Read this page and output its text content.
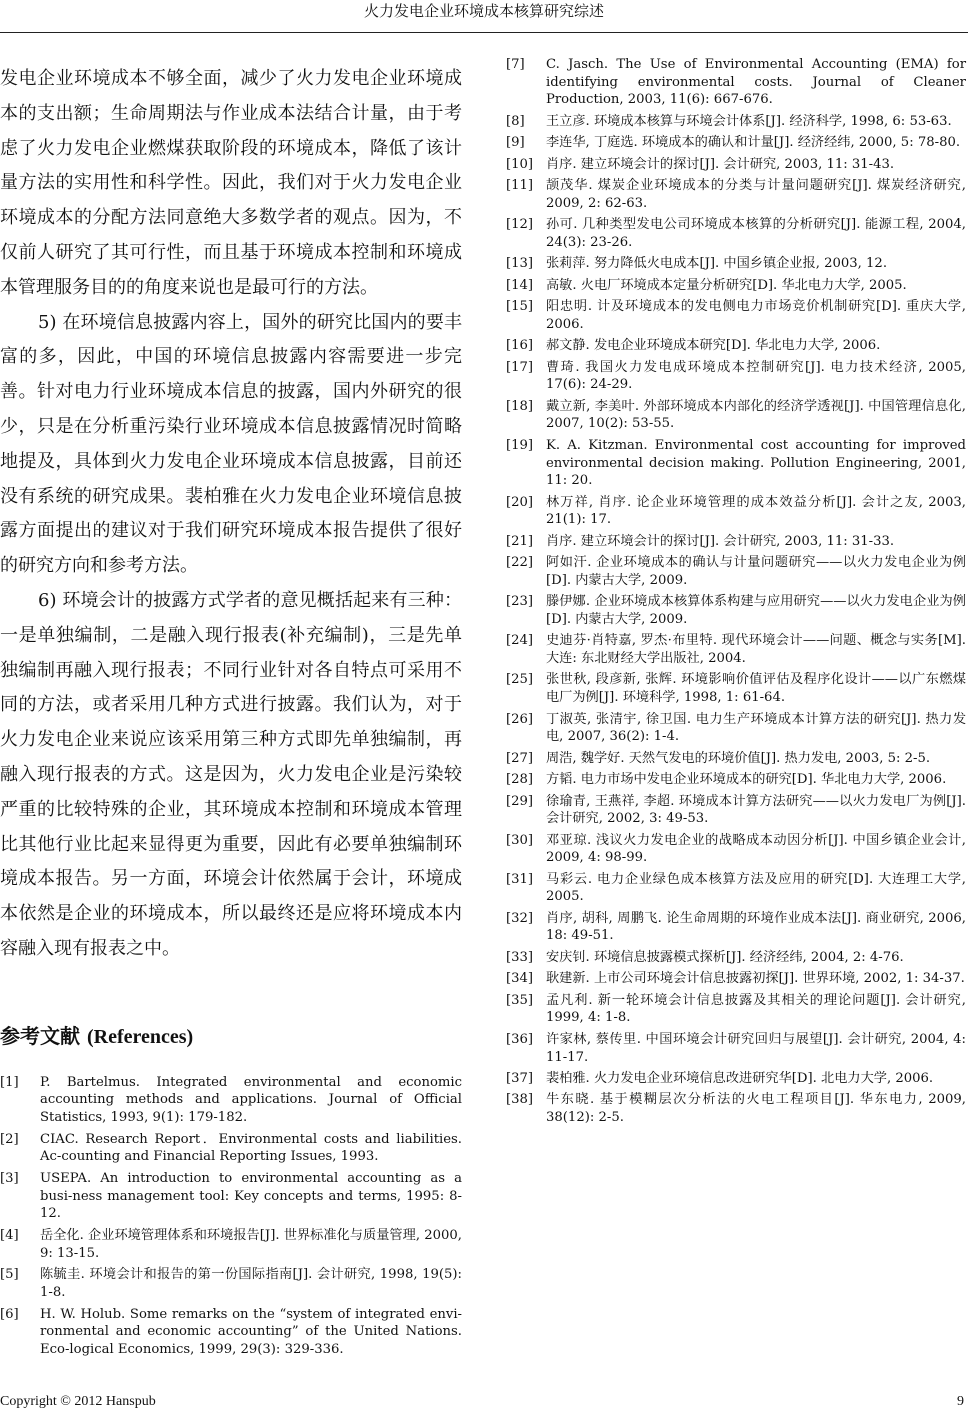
火力发电企业环境成本核算研究综述

发电企业环境成本不够全面，减少了火力发电企业环境成本的支出额；生命周期法与作业成本法结合计量，由于考虑了火力发电企业燃煤获取阶段的环境成本，降低了该计量方法的实用性和科学性。因此，我们对于火力发电企业环境成本的分配方法同意绝大多数学者的观点。因为，不仅前人研究了其可行性，而且基于环境成本控制和环境成本管理服务目的的角度来说也是最可行的方法。

5) 在环境信息披露内容上，国外的研究比国内的要丰富的多，因此，中国的环境信息披露内容需要进一步完善。针对电力行业环境成本信息的披露，国内外研究的很少，只是在分析重污染行业环境成本信息披露情况时简略地提及，具体到火力发电企业环境成本信息披露，目前还没有系统的研究成果。裴柏雅在火力发电企业环境信息披露方面提出的建议对于我们研究环境成本报告提供了很好的研究方向和参考方法。

6) 环境会计的披露方式学者的意见概括起来有三种：一是单独编制，二是融入现行报表(补充编制)，三是先单独编制再融入现行报表；不同行业针对各自特点可采用不同的方法，或者采用几种方式进行披露。我们认为，对于火力发电企业来说应该采用第三种方式即先单独编制，再融入现行报表的方式。这是因为，火力发电企业是污染较严重的比较特殊的企业，其环境成本控制和环境成本管理比其他行业比起来显得更为重要，因此有必要单独编制环境成本报告。另一方面，环境会计依然属于会计，环境成本依然是企业的环境成本，所以最终还是应将环境成本内容融入现有报表之中。

参考文献 (References)
[1]	P. Bartelmus. Integrated environmental and economic accounting methods and applications. Journal of Official Statistics, 1993, 9(1): 179-182.
[2]	CIAC. Research Report．Environmental costs and liabilities. Ac-counting and Financial Reporting Issues, 1993.
[3]	USEPA. An introduction to environmental accounting as a busi-ness management tool: Key concepts and terms, 1995: 8-12.
[4]	岳全化. 企业环境管理体系和环境报告[J]. 世界标准化与质量管理, 2000, 9: 13-15.
[5]	陈毓圭. 环境会计和报告的第一份国际指南[J]. 会计研究, 1998, 19(5): 1-8.
[6]	H. W. Holub. Some remarks on the “system of integrated envi-ronmental and economic accounting” of the United Nations. Eco-logical Economics, 1999, 29(3): 329-336.
[7]	C. Jasch. The Use of Environmental Accounting (EMA) for identifying environmental costs. Journal of Cleaner Production, 2003, 11(6): 667-676.
[8]	王立彦. 环境成本核算与环境会计体系[J]. 经济科学, 1998, 6: 53-63.
[9]	李连华, 丁庭选. 环境成本的确认和计量[J]. 经济经纬, 2000, 5: 78-80.
[10] 肖序. 建立环境会计的探讨[J]. 会计研究, 2003, 11: 31-43.
[11] 颉茂华. 煤炭企业环境成本的分类与计量问题研究[J]. 煤炭经济研究, 2009, 2: 62-63.
[12] 孙可. 几种类型发电公司环境成本核算的分析研究[J]. 能源工程, 2004, 24(3): 23-26.
[13] 张莉萍. 努力降低火电成本[J]. 中国乡镇企业报, 2003, 12.
[14] 高敏. 火电厂环境成本定量分析研究[D]. 华北电力大学, 2005.
[15] 阳忠明. 计及环境成本的发电侧电力市场竞价机制研究[D]. 重庆大学, 2006.
[16] 郝文静. 发电企业环境成本研究[D]. 华北电力大学, 2006.
[17] 曹琦. 我国火力发电成环境成本控制研究[J]. 电力技术经济, 2005, 17(6): 24-29.
[18] 戴立新, 李美叶. 外部环境成本内部化的经济学透视[J]. 中国管理信息化, 2007, 10(2): 53-55.
[19] K. A. Kitzman. Environmental cost accounting for improved environmental decision making. Pollution Engineering, 2001, 11: 20.
[20] 林万祥, 肖序. 论企业环境管理的成本效益分析[J]. 会计之友, 2003, 21(1): 17.
[21] 肖序. 建立环境会计的探讨[J]. 会计研究, 2003, 11: 31-33.
[22] 阿如汗. 企业环境成本的确认与计量问题研究——以火力发电企业为例[D]. 内蒙古大学, 2009.
[23] 滕伊娜. 企业环境成本核算体系构建与应用研究——以火力发电企业为例[D]. 内蒙古大学, 2009.
[24] 史迪芬·肖特嘉, 罗杰·布里特. 现代环境会计——问题、概念与实务[M]. 大连: 东北财经大学出版社, 2004.
[25] 张世秋, 段彦新, 张辉. 环境影响价值评估及程序化设计——以广东燃煤电厂为例[J]. 环境科学, 1998, 1: 61-64.
[26] 丁淑英, 张清宇, 徐卫国. 电力生产环境成本计算方法的研究[J]. 热力发电, 2007, 36(2): 1-4.
[27] 周浩, 魏学好. 天然气发电的环境价值[J]. 热力发电, 2003, 5: 2-5.
[28] 方韬. 电力市场中发电企业环境成本的研究[D]. 华北电力大学, 2006.
[29] 徐瑜青, 王燕祥, 李超. 环境成本计算方法研究——以火力发电厂为例[J]. 会计研究, 2002, 3: 49-53.
[30] 邓亚琼. 浅议火力发电企业的战略成本动因分析[J]. 中国乡镇企业会计, 2009, 4: 98-99.
[31] 马彩云. 电力企业绿色成本核算方法及应用的研究[D]. 大连理工大学, 2005.
[32] 肖序, 胡科, 周鹏飞. 论生命周期的环境作业成本法[J]. 商业研究, 2006, 18: 49-51.
[33] 安庆钊. 环境信息披露模式探析[J]. 经济经纬, 2004, 2: 4-76.
[34] 耿建新. 上市公司环境会计信息披露初探[J]. 世界环境, 2002, 1: 34-37.
[35] 孟凡利. 新一轮环境会计信息披露及其相关的理论问题[J]. 会计研究, 1999, 4: 1-8.
[36] 许家林, 蔡传里. 中国环境会计研究回归与展望[J]. 会计研究, 2004, 4: 11-17.
[37] 裴柏雅. 火力发电企业环境信息改进研究华[D]. 北电力大学, 2006.
[38] 牛东晓. 基于模糊层次分析法的火电工程项目[J]. 华东电力, 2009, 38(12): 2-5.
Copyright © 2012 Hanspub	9
